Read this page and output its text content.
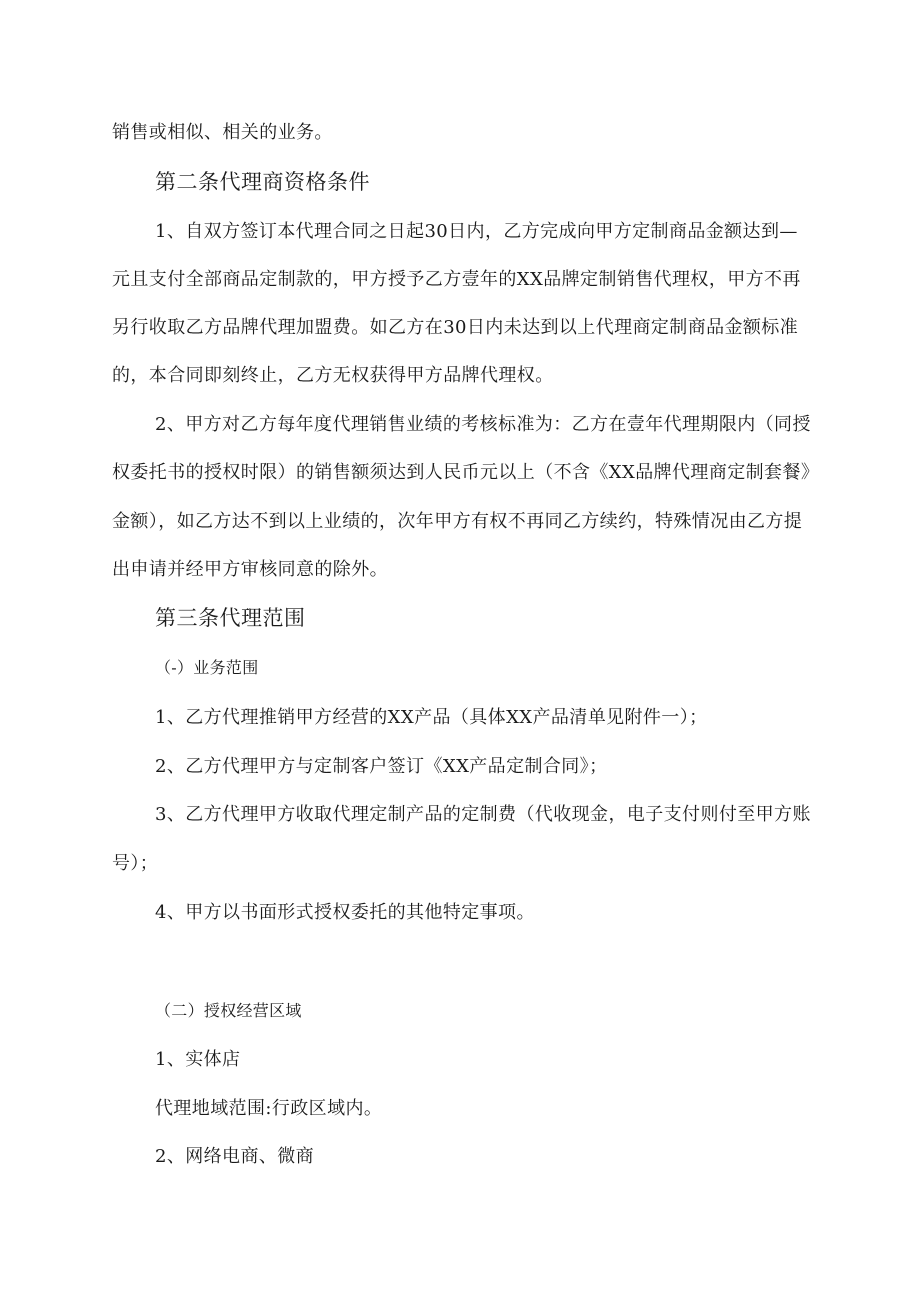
销售或相似、相关的业务。
第二条代理商资格条件
1、自双方签订本代理合同之日起30日内，乙方完成向甲方定制商品金额达到—
元且支付全部商品定制款的，甲方授予乙方壹年的XX品牌定制销售代理权，甲方不再
另行收取乙方品牌代理加盟费。如乙方在30日内未达到以上代理商定制商品金额标准
的，本合同即刻终止，乙方无权获得甲方品牌代理权。
2、甲方对乙方每年度代理销售业绩的考核标准为：乙方在壹年代理期限内（同授
权委托书的授权时限）的销售额须达到人民币元以上（不含《XX品牌代理商定制套餐》
金额），如乙方达不到以上业绩的，次年甲方有权不再同乙方续约，特殊情况由乙方提
出申请并经甲方审核同意的除外。
第三条代理范围
（-）业务范围
1、乙方代理推销甲方经营的XX产品（具体XX产品清单见附件一）；
2、乙方代理甲方与定制客户签订《XX产品定制合同》；
3、乙方代理甲方收取代理定制产品的定制费（代收现金，电子支付则付至甲方账
号）；
4、甲方以书面形式授权委托的其他特定事项。
（二）授权经营区域
1、实体店
代理地域范围:行政区域内。
2、网络电商、微商
